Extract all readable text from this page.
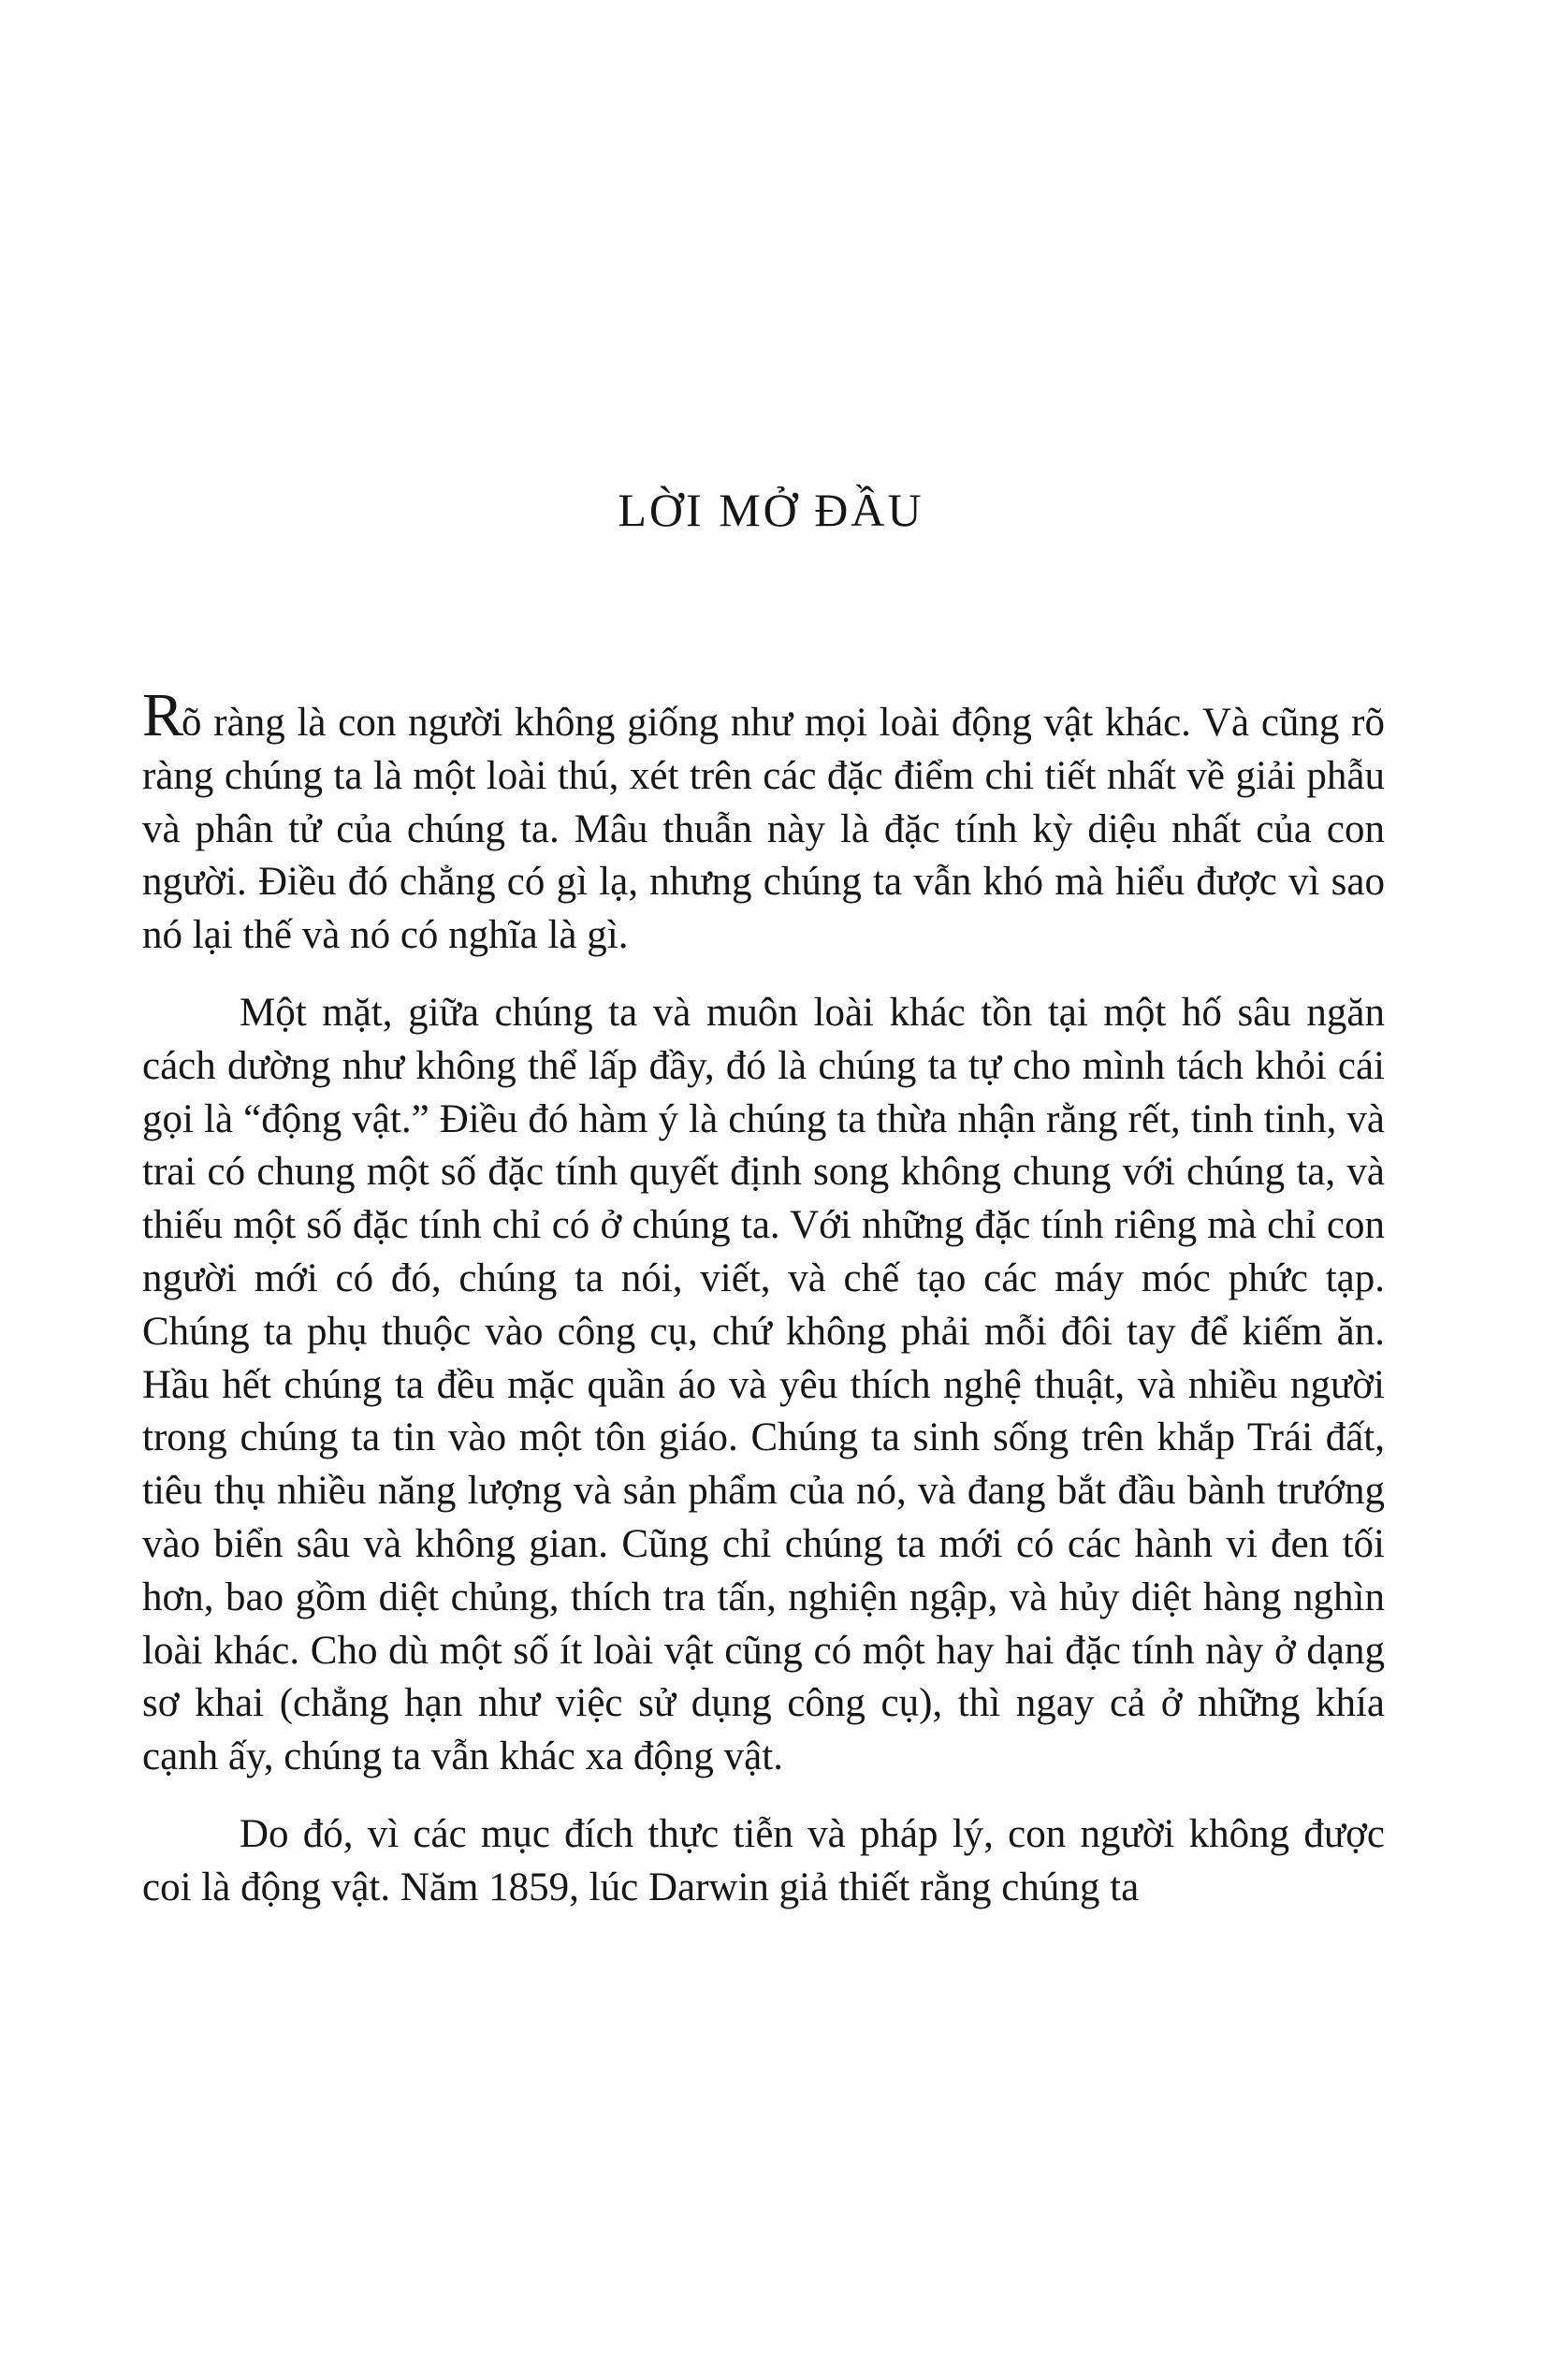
LỜI MỞ ĐẦU

Rõ ràng là con người không giống như mọi loài động vật khác. Và cũng rõ ràng chúng ta là một loài thú, xét trên các đặc điểm chi tiết nhất về giải phẫu và phân tử của chúng ta. Mâu thuẫn này là đặc tính kỳ diệu nhất của con người. Điều đó chẳng có gì lạ, nhưng chúng ta vẫn khó mà hiểu được vì sao nó lại thế và nó có nghĩa là gì.

Một mặt, giữa chúng ta và muôn loài khác tồn tại một hố sâu ngăn cách dường như không thể lấp đầy, đó là chúng ta tự cho mình tách khỏi cái gọi là “động vật.” Điều đó hàm ý là chúng ta thừa nhận rằng rết, tinh tinh, và trai có chung một số đặc tính quyết định song không chung với chúng ta, và thiếu một số đặc tính chỉ có ở chúng ta. Với những đặc tính riêng mà chỉ con người mới có đó, chúng ta nói, viết, và chế tạo các máy móc phức tạp. Chúng ta phụ thuộc vào công cụ, chứ không phải mỗi đôi tay để kiếm ăn. Hầu hết chúng ta đều mặc quần áo và yêu thích nghệ thuật, và nhiều người trong chúng ta tin vào một tôn giáo. Chúng ta sinh sống trên khắp Trái đất, tiêu thụ nhiều năng lượng và sản phẩm của nó, và đang bắt đầu bành trướng vào biển sâu và không gian. Cũng chỉ chúng ta mới có các hành vi đen tối hơn, bao gồm diệt chủng, thích tra tấn, nghiện ngập, và hủy diệt hàng nghìn loài khác. Cho dù một số ít loài vật cũng có một hay hai đặc tính này ở dạng sơ khai (chẳng hạn như việc sử dụng công cụ), thì ngay cả ở những khía cạnh ấy, chúng ta vẫn khác xa động vật.

Do đó, vì các mục đích thực tiễn và pháp lý, con người không được coi là động vật. Năm 1859, lúc Darwin giả thiết rằng chúng ta
